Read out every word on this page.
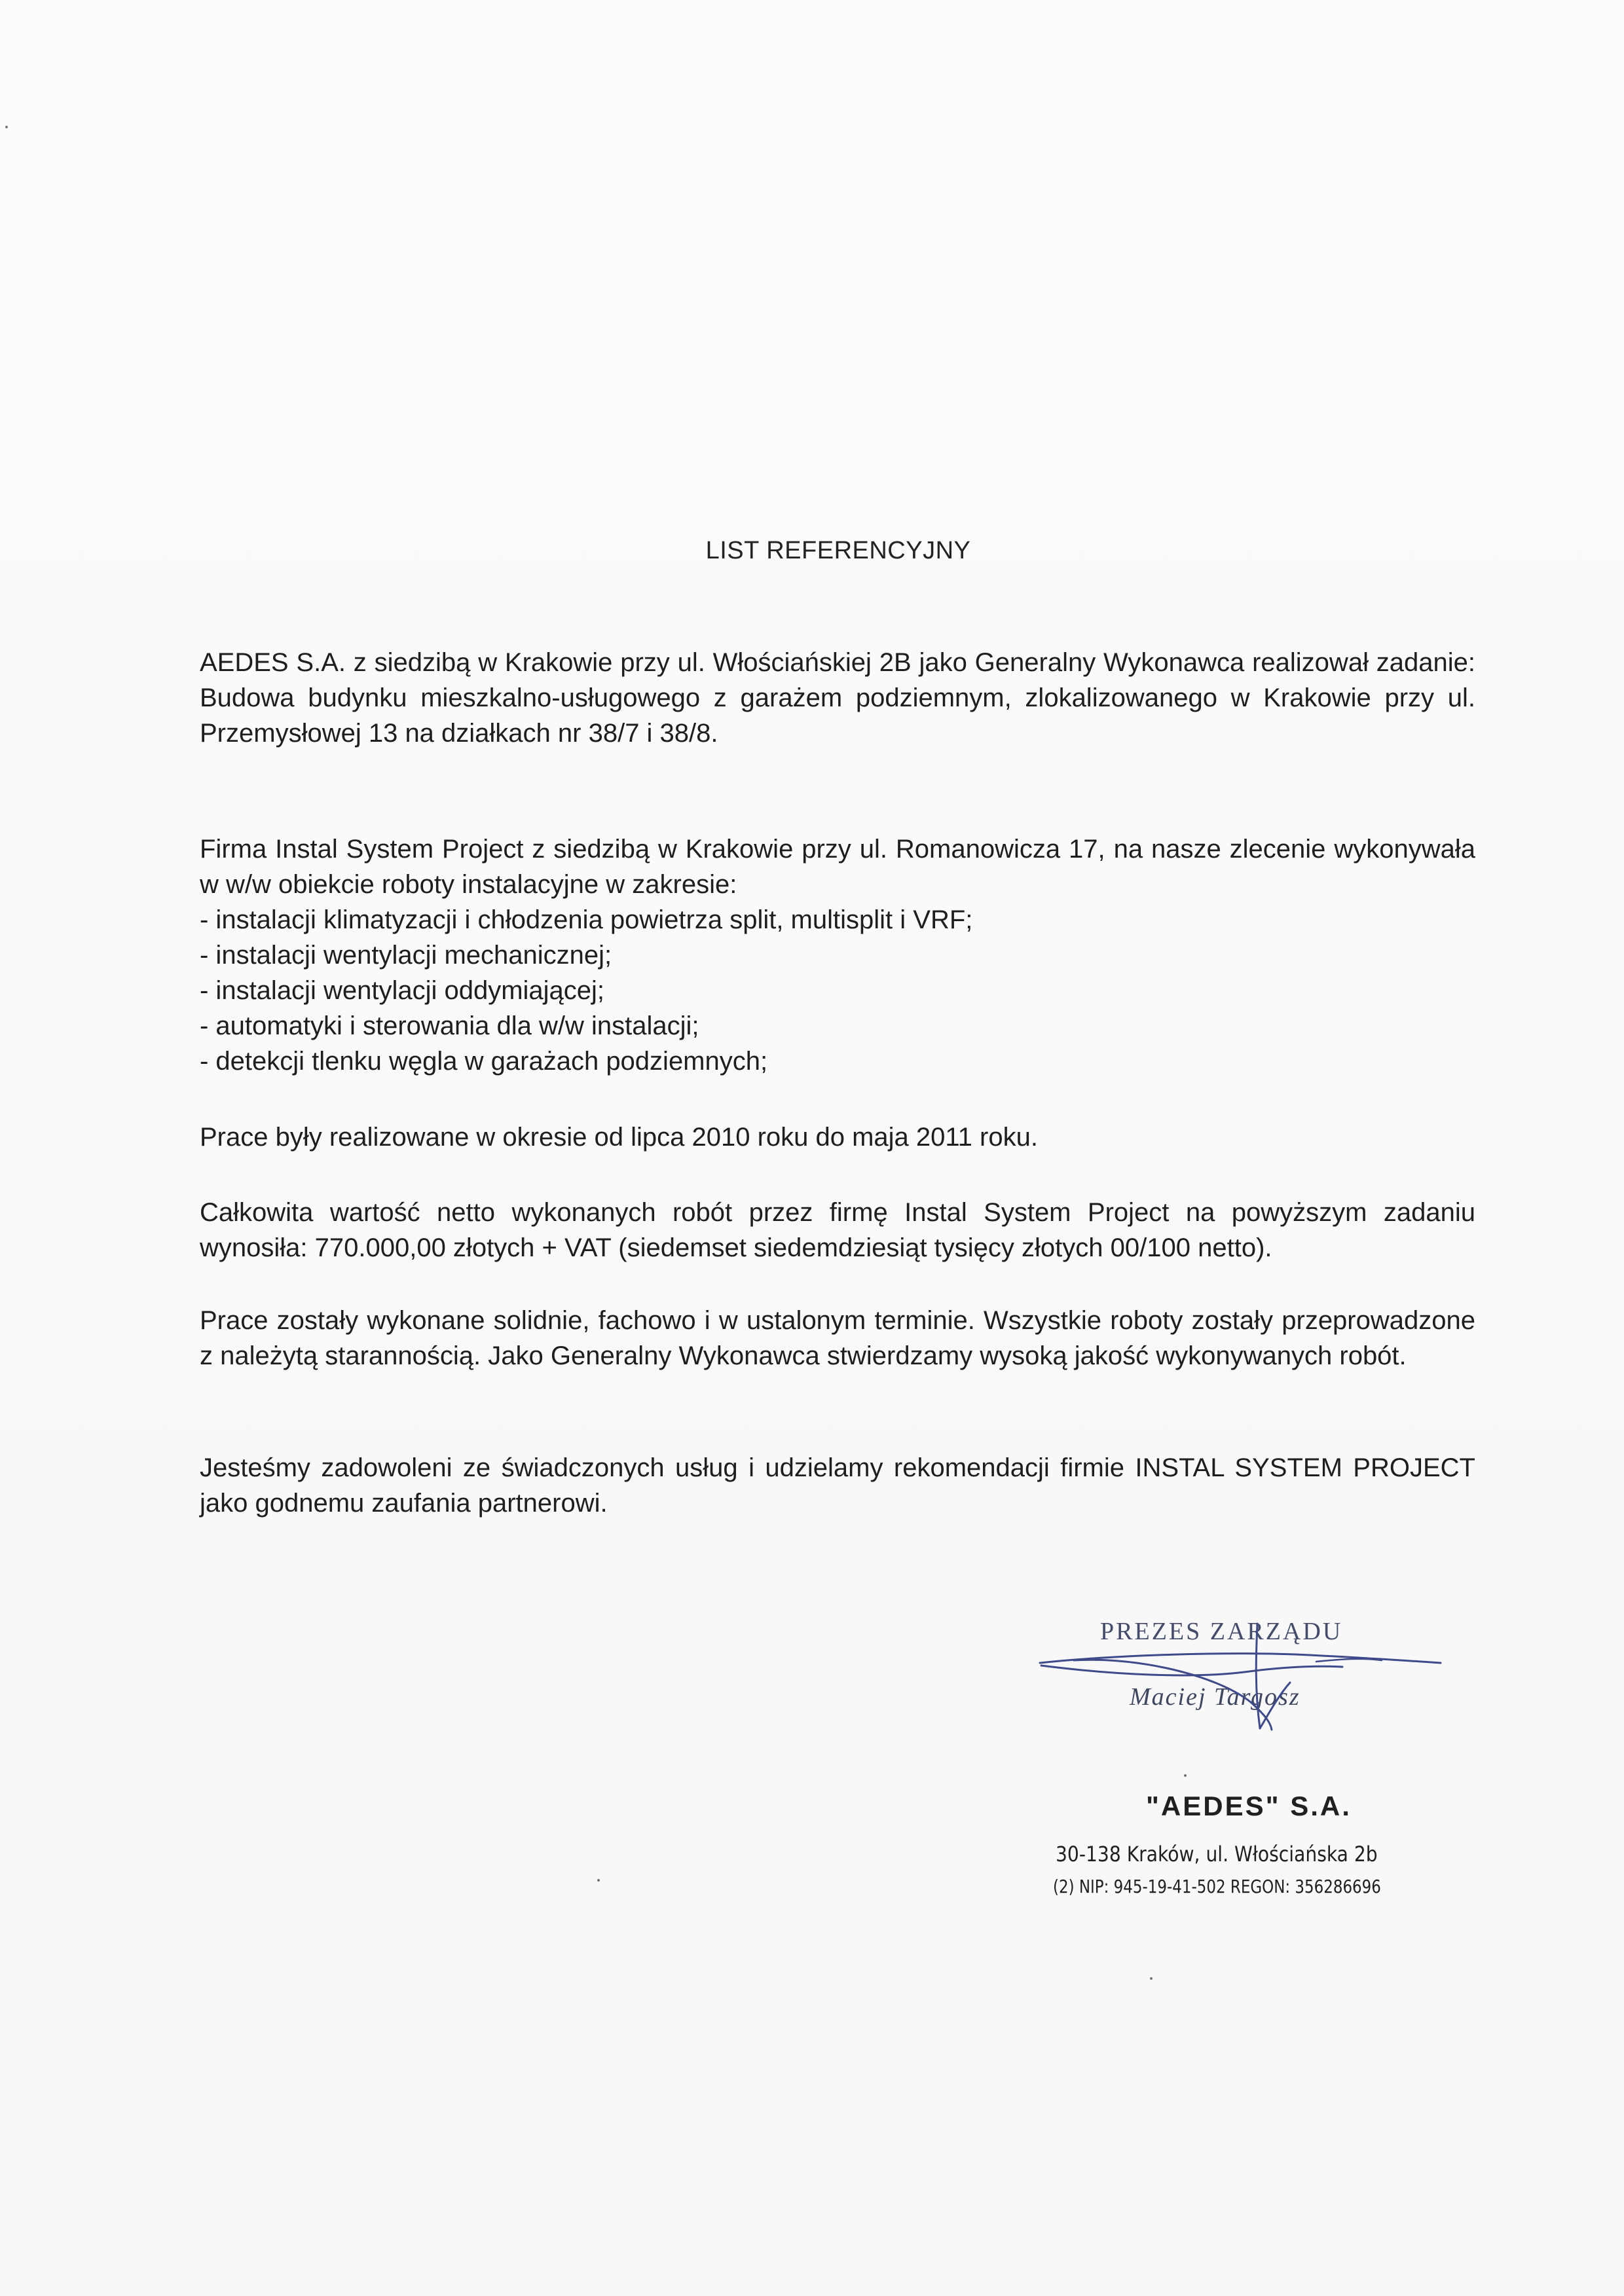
LIST REFERENCYJNY

AEDES S.A. z siedzibą w Krakowie przy ul. Włościańskiej 2B jako Generalny Wykonawca realizował zadanie: Budowa budynku mieszkalno-usługowego z garażem podziemnym, zlokalizowanego w Krakowie przy ul. Przemysłowej 13 na działkach nr 38/7 i 38/8.

Firma Instal System Project z siedzibą w Krakowie przy ul. Romanowicza 17, na nasze zlecenie wykonywała w w/w obiekcie roboty instalacyjne w zakresie:

- instalacji klimatyzacji i chłodzenia powietrza split, multisplit i VRF;
- instalacji wentylacji mechanicznej;
- instalacji wentylacji oddymiającej;
- automatyki i sterowania dla w/w instalacji;
- detekcji tlenku węgla w garażach podziemnych;

Prace były realizowane w okresie od lipca 2010 roku do maja 2011 roku.

Całkowita wartość netto wykonanych robót przez firmę Instal System Project na powyższym zadaniu wynosiła: 770.000,00 złotych + VAT (siedemset siedemdziesiąt tysięcy złotych 00/100 netto).

Prace zostały wykonane solidnie, fachowo i w ustalonym terminie. Wszystkie roboty zostały przeprowadzone z należytą starannością. Jako Generalny Wykonawca stwierdzamy wysoką jakość wykonywanych robót.

Jesteśmy zadowoleni ze świadczonych usług i udzielamy rekomendacji firmie INSTAL SYSTEM PROJECT jako godnemu zaufania partnerowi.

PREZES ZARZĄDU
Maciej Targosz
"AEDES" S.A.
30-138 Kraków, ul. Włościańska 2b
(2) NIP: 945-19-41-502 REGON: 356286696
